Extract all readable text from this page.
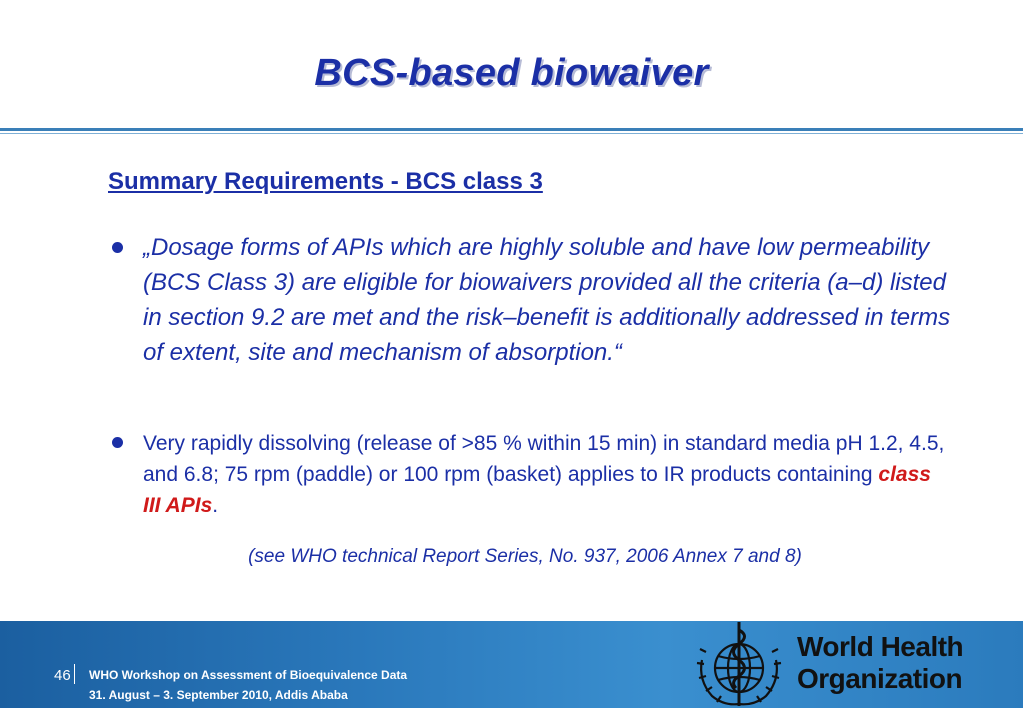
BCS-based biowaiver
Summary Requirements - BCS class 3
„Dosage forms of APIs which are highly soluble and have low permeability (BCS Class 3) are eligible for biowaivers provided all the criteria (a–d) listed in section 9.2 are met and the risk–benefit is additionally addressed in terms of extent, site and mechanism of absorption.“
Very rapidly dissolving (release of >85 % within 15 min) in standard media pH 1.2, 4.5, and 6.8; 75 rpm (paddle) or 100 rpm (basket) applies to IR products containing class III APIs.
(see WHO technical Report Series, No. 937, 2006 Annex 7 and 8)
46 WHO Workshop on Assessment of Bioequivalence Data
31. August – 3. September 2010, Addis Ababa
World Health
Organization
